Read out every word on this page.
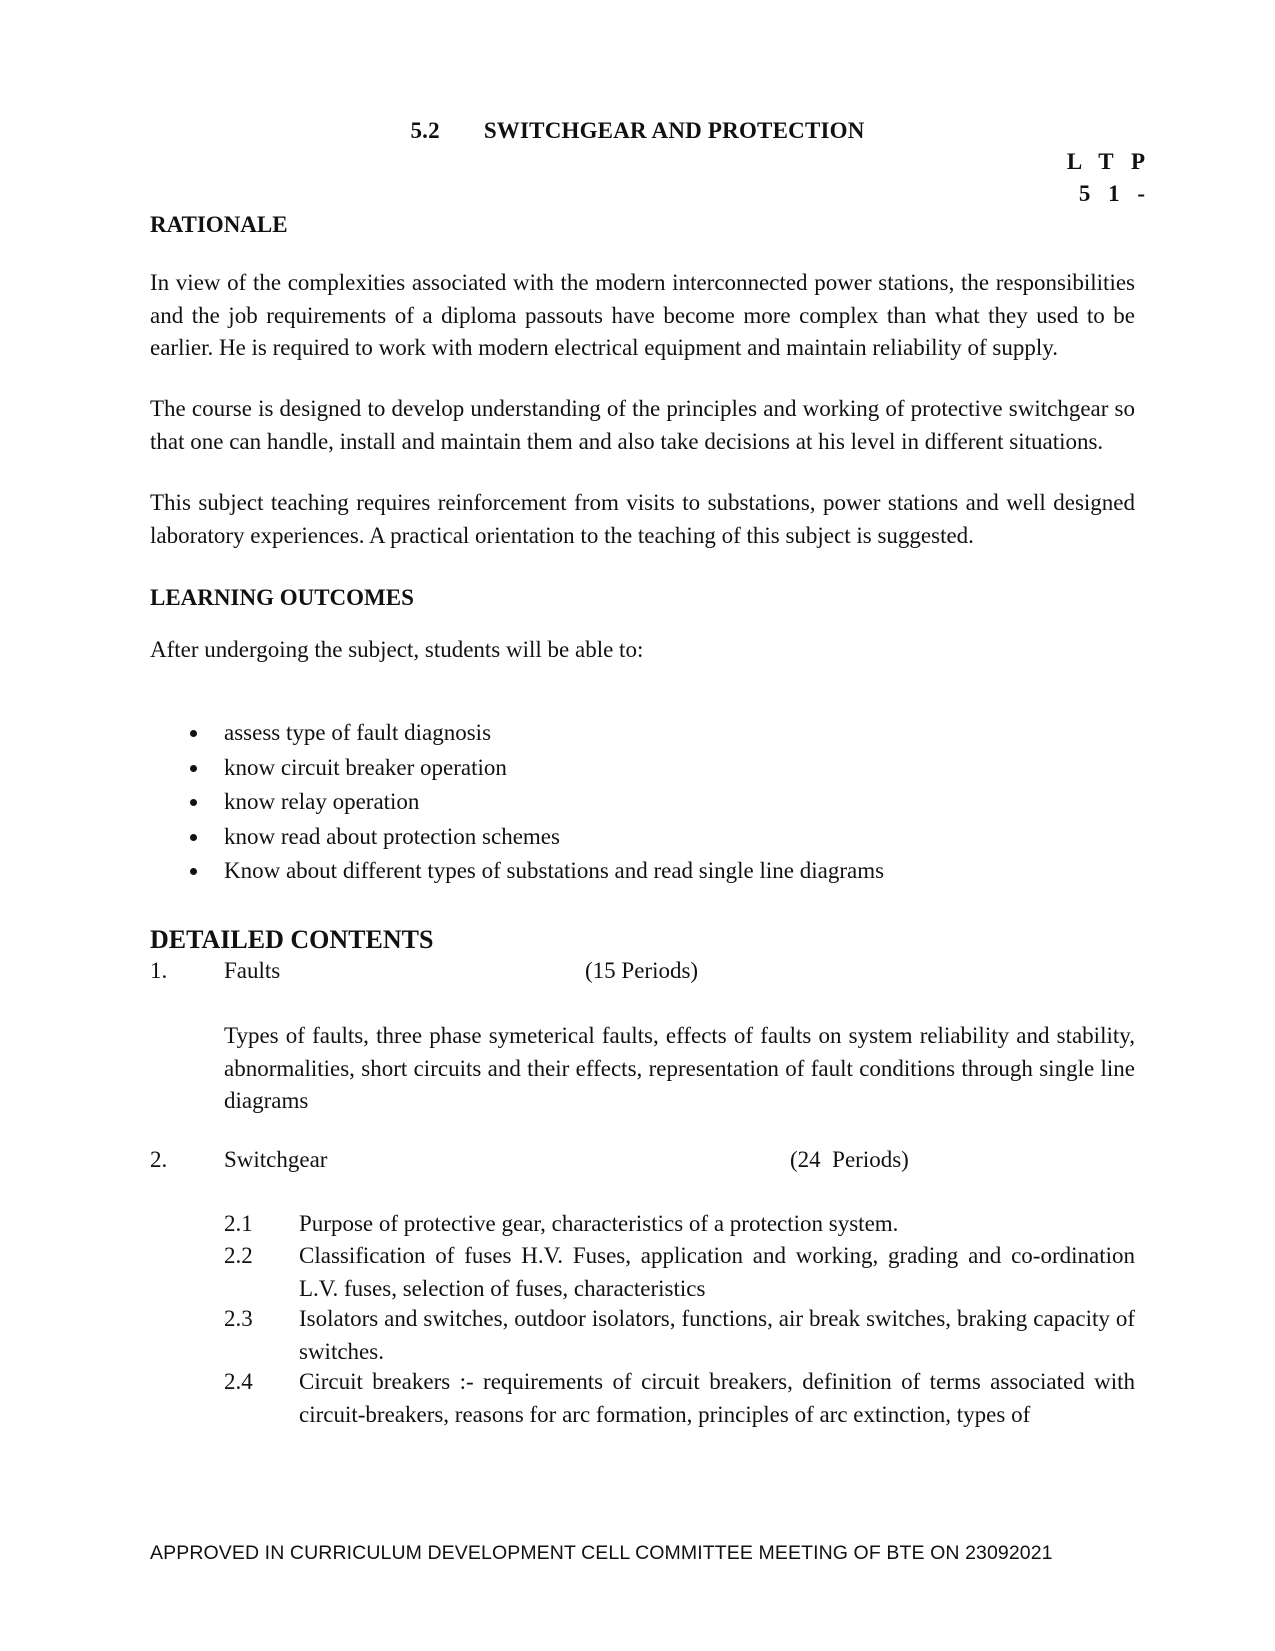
5.2 SWITCHGEAR AND PROTECTION
L T P
5 1 -
RATIONALE

In view of the complexities associated with the modern interconnected power stations, the responsibilities and the job requirements of a diploma passouts have become more complex than what they used to be earlier. He is required to work with modern electrical equipment and maintain reliability of supply.

The course is designed to develop understanding of the principles and working of protective switchgear so that one can handle, install and maintain them and also take decisions at his level in different situations.

This subject teaching requires reinforcement from visits to substations, power stations and well designed laboratory experiences. A practical orientation to the teaching of this subject is suggested.

LEARNING OUTCOMES
After undergoing the subject, students will be able to:
assess type of fault diagnosis
know circuit breaker operation
know relay operation
know read about protection schemes
Know about different types of substations and read single line diagrams
DETAILED CONTENTS
1. Faults	(15 Periods)

Types of faults, three phase symeterical faults, effects of faults on system reliability and stability, abnormalities, short circuits and their effects, representation of fault conditions through single line diagrams

2. Switchgear	(24  Periods)
2.1 Purpose of protective gear, characteristics of a protection system.
2.2 Classification of fuses H.V. Fuses, application and working, grading and co-ordination L.V. fuses, selection of fuses, characteristics
2.3 Isolators and switches, outdoor isolators, functions, air break switches, braking capacity of switches.
2.4 Circuit breakers :- requirements of circuit breakers, definition of terms associated with circuit-breakers, reasons for arc formation, principles of arc extinction, types of
APPROVED IN CURRICULUM DEVELOPMENT CELL COMMITTEE MEETING OF BTE ON 23092021
